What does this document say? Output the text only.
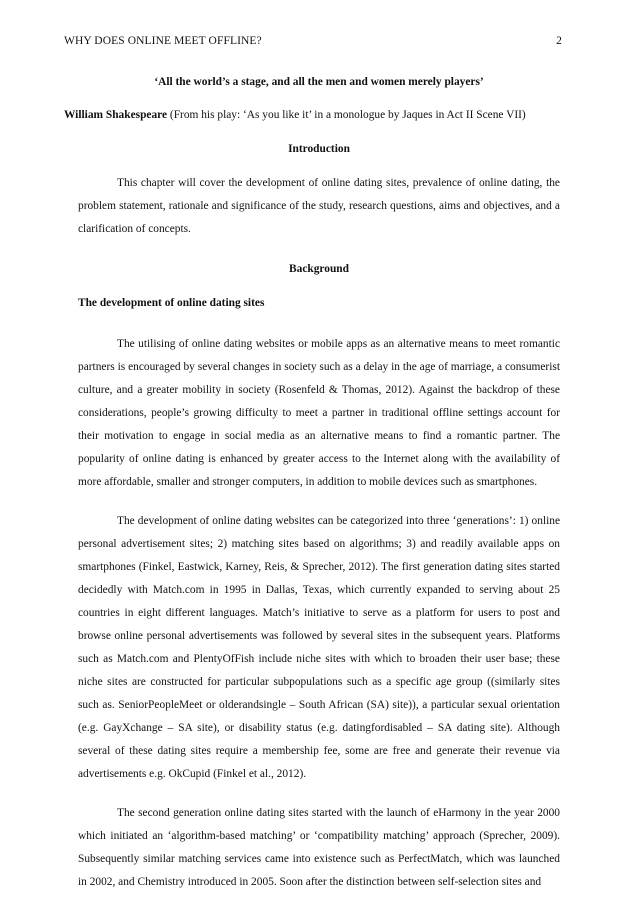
WHY DOES ONLINE MEET OFFLINE?	2

‘All the world’s a stage, and all the men and women merely players’

William Shakespeare (From his play: ‘As you like it’ in a monologue by Jaques in Act II Scene VII)

Introduction

This chapter will cover the development of online dating sites, prevalence of online dating, the problem statement, rationale and significance of the study, research questions, aims and objectives, and a clarification of concepts.

Background

The development of online dating sites

The utilising of online dating websites or mobile apps as an alternative means to meet romantic partners is encouraged by several changes in society such as a delay in the age of marriage, a consumerist culture, and a greater mobility in society (Rosenfeld & Thomas, 2012). Against the backdrop of these considerations, people’s growing difficulty to meet a partner in traditional offline settings account for their motivation to engage in social media as an alternative means to find a romantic partner. The popularity of online dating is enhanced by greater access to the Internet along with the availability of more affordable, smaller and stronger computers, in addition to mobile devices such as smartphones.

The development of online dating websites can be categorized into three ‘generations’: 1) online personal advertisement sites; 2) matching sites based on algorithms; 3) and readily available apps on smartphones (Finkel, Eastwick, Karney, Reis, & Sprecher, 2012). The first generation dating sites started decidedly with Match.com in 1995 in Dallas, Texas, which currently expanded to serving about 25 countries in eight different languages. Match’s initiative to serve as a platform for users to post and browse online personal advertisements was followed by several sites in the subsequent years. Platforms such as Match.com and PlentyOfFish include niche sites with which to broaden their user base; these niche sites are constructed for particular subpopulations such as a specific age group ((similarly sites such as. SeniorPeopleMeet or olderandsingle – South African (SA) site)), a particular sexual orientation (e.g. GayXchange – SA site), or disability status (e.g. datingfordisabled – SA dating site). Although several of these dating sites require a membership fee, some are free and generate their revenue via advertisements e.g. OkCupid (Finkel et al., 2012).

The second generation online dating sites started with the launch of eHarmony in the year 2000 which initiated an ‘algorithm-based matching’ or ‘compatibility matching’ approach (Sprecher, 2009). Subsequently similar matching services came into existence such as PerfectMatch, which was launched in 2002, and Chemistry introduced in 2005. Soon after the distinction between self-selection sites and
